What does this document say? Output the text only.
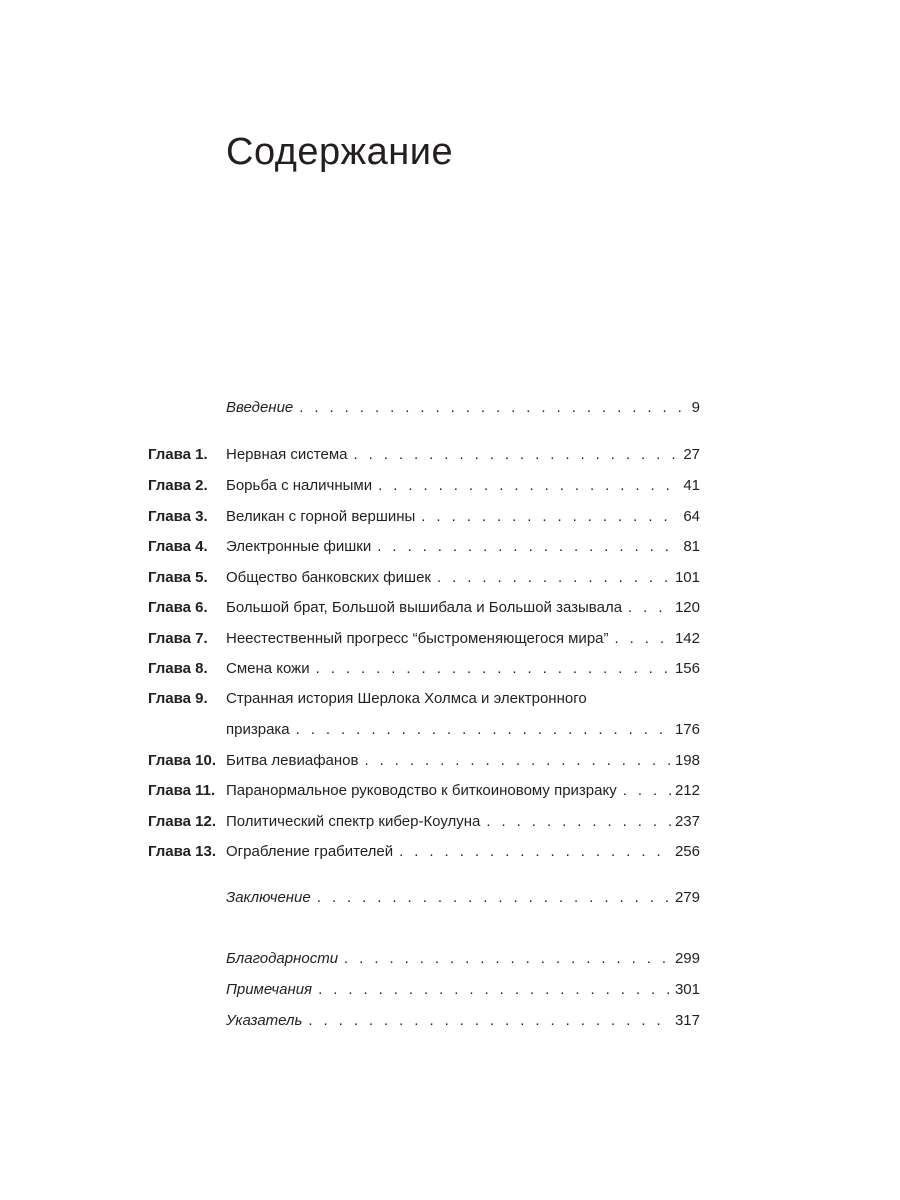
Содержание
Введение . . .	9
Глава 1. Нервная система . . .	27
Глава 2. Борьба с наличными . . .	41
Глава 3. Великан с горной вершины . . .	64
Глава 4. Электронные фишки . . .	81
Глава 5. Общество банковских фишек . . .	101
Глава 6. Большой брат, Большой вышибала и Большой зазывала . . .	120
Глава 7. Неестественный прогресс “быстроменяющегося мира” . . .	142
Глава 8. Смена кожи . . .	156
Глава 9. Странная история Шерлока Холмса и электронного
призрака . . .	176
Глава 10. Битва левиафанов . . .	198
Глава 11. Паранормальное руководство к биткоиновому призраку . . .	212
Глава 12. Политический спектр кибер-Коулуна . . .	237
Глава 13. Ограбление грабителей . . .	256
Заключение . . .	279
Благодарности . . .	299
Примечания . . .	301
Указатель . . .	317
